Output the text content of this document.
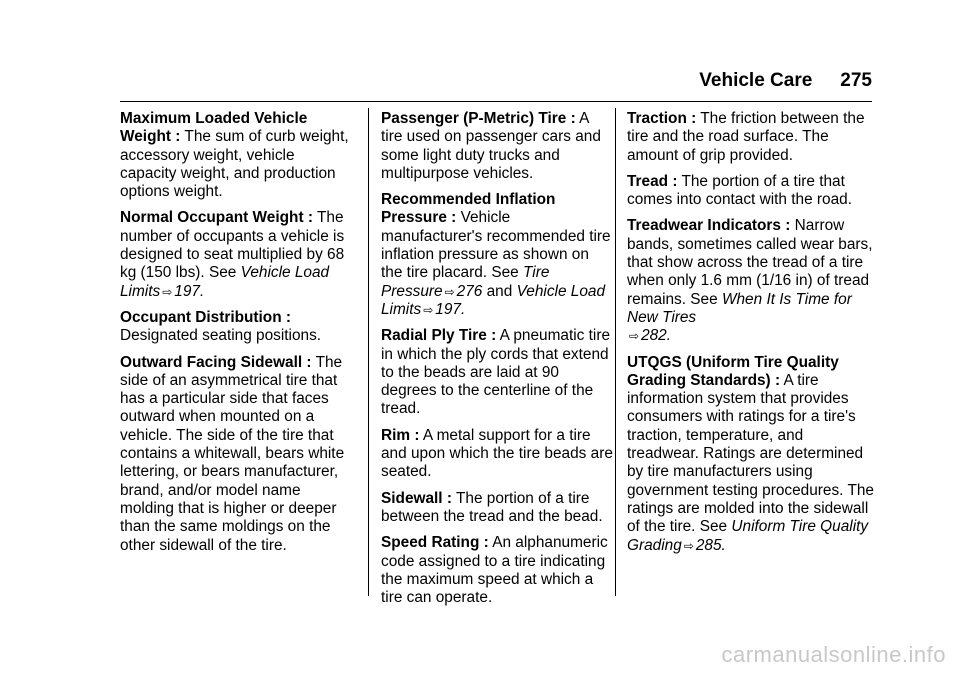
Vehicle Care 275

Maximum Loaded Vehicle Weight : The sum of curb weight, accessory weight, vehicle capacity weight, and production options weight.

Normal Occupant Weight : The number of occupants a vehicle is designed to seat multiplied by 68 kg (150 lbs). See Vehicle Load Limits ⇨ 197.

Occupant Distribution : Designated seating positions.

Outward Facing Sidewall : The side of an asymmetrical tire that has a particular side that faces outward when mounted on a vehicle. The side of the tire that contains a whitewall, bears white lettering, or bears manufacturer, brand, and/or model name molding that is higher or deeper than the same moldings on the other sidewall of the tire.

Passenger (P-Metric) Tire : A tire used on passenger cars and some light duty trucks and multipurpose vehicles.

Recommended Inflation Pressure : Vehicle manufacturer's recommended tire inflation pressure as shown on the tire placard. See Tire Pressure ⇨ 276 and Vehicle Load Limits ⇨ 197.

Radial Ply Tire : A pneumatic tire in which the ply cords that extend to the beads are laid at 90 degrees to the centerline of the tread.

Rim : A metal support for a tire and upon which the tire beads are seated.

Sidewall : The portion of a tire between the tread and the bead.

Speed Rating : An alphanumeric code assigned to a tire indicating the maximum speed at which a tire can operate.

Traction : The friction between the tire and the road surface. The amount of grip provided.

Tread : The portion of a tire that comes into contact with the road.

Treadwear Indicators : Narrow bands, sometimes called wear bars, that show across the tread of a tire when only 1.6 mm (1/16 in) of tread remains. See When It Is Time for New Tires
⇨ 282.

UTQGS (Uniform Tire Quality Grading Standards) : A tire information system that provides consumers with ratings for a tire's traction, temperature, and treadwear. Ratings are determined by tire manufacturers using government testing procedures. The ratings are molded into the sidewall of the tire. See Uniform Tire Quality Grading ⇨ 285.

carmanualsonline.info
